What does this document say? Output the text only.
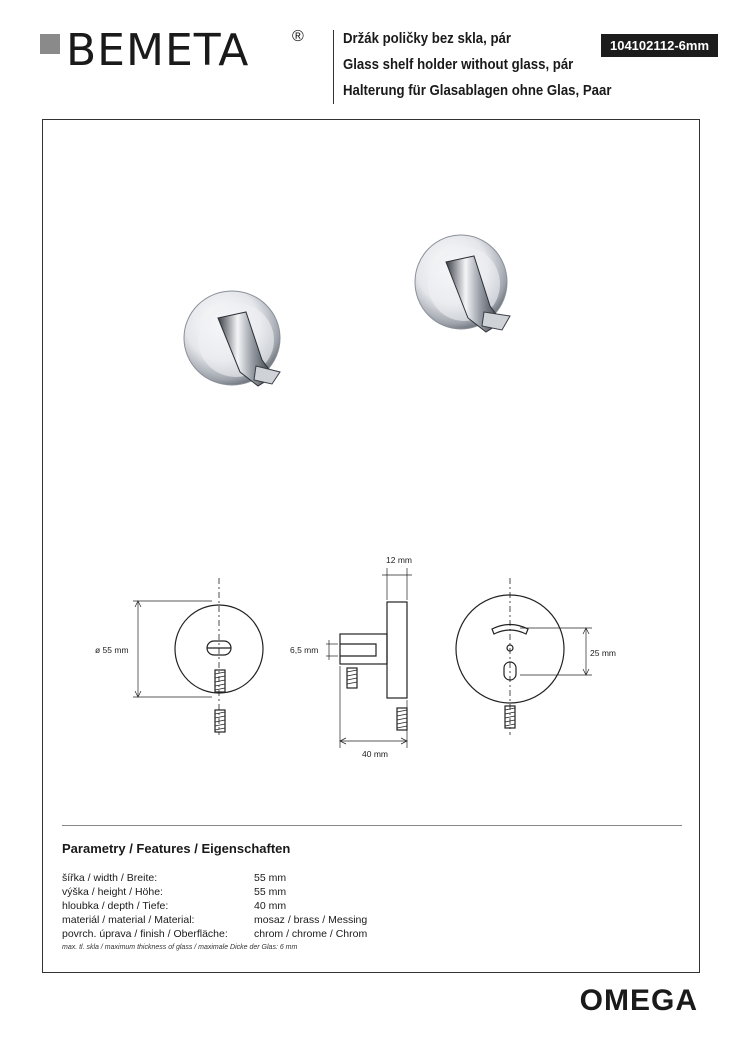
BEMETA	®	Držák poličky bez skla, pár
Glass shelf holder without glass, pár
Halterung für Glasablagen ohne Glas, Paar
104102112-6mm
ø 55 mm
12 mm
6,5 mm
40 mm
25 mm
Parametry / Features / Eigenschaften
šířka / width / Breite:	55 mm
výška / height / Höhe:	55 mm
hloubka / depth / Tiefe:	40 mm
materiál / material / Material:	mosaz / brass / Messing
povrch. úprava / finish / Oberfläche:	chrom / chrome / Chrom
max. tl. skla / maximum thickness of glass / maximale Dicke der Glas: 6 mm
OMEGA
